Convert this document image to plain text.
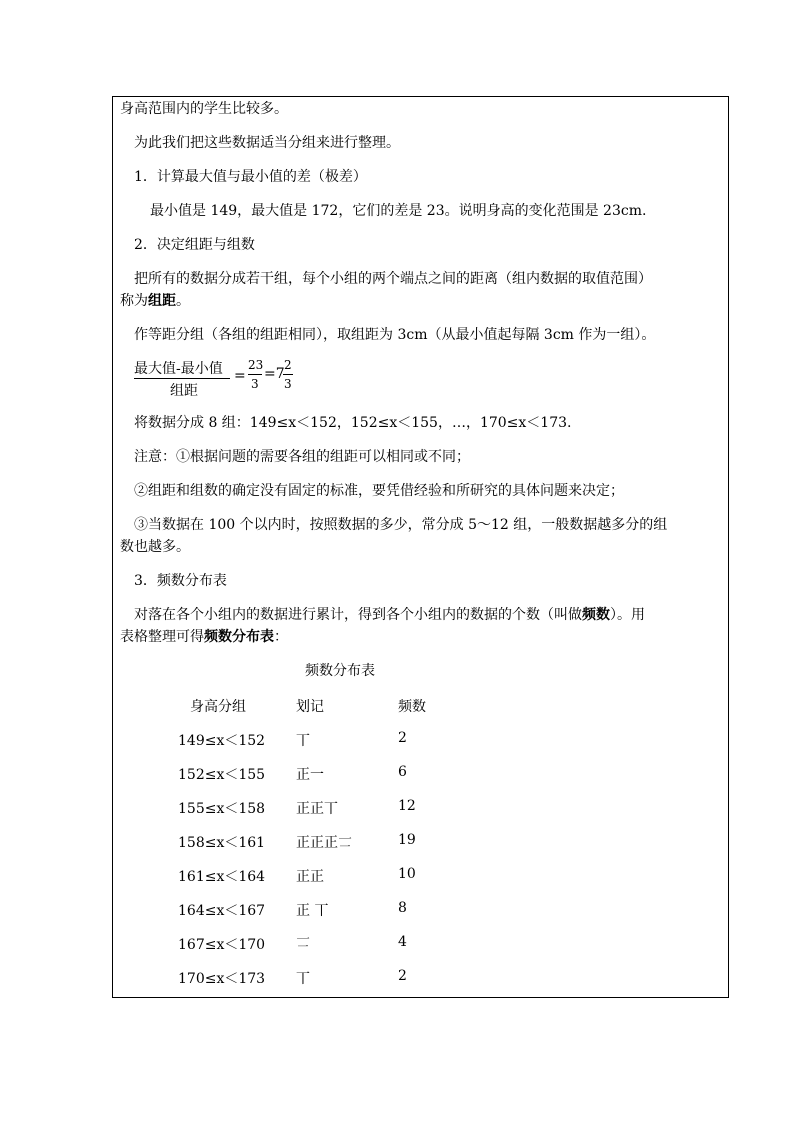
身高范围内的学生比较多。
为此我们把这些数据适当分组来进行整理。
1．计算最大值与最小值的差（极差）
最小值是 149，最大值是 172，它们的差是 23。说明身高的变化范围是 23cm.
2．决定组距与组数
把所有的数据分成若干组，每个小组的两个端点之间的距离（组内数据的取值范围）
称为组距。
作等距分组（各组的组距相同），取组距为 3cm（从最小值起每隔 3cm 作为一组）。
最大值-最小值
组距
=
23
3
=7
2
3
将数据分成 8 组：149≤x＜152，152≤x＜155，…，170≤x＜173.
注意：①根据问题的需要各组的组距可以相同或不同；
②组距和组数的确定没有固定的标准，要凭借经验和所研究的具体问题来决定；
③当数据在 100 个以内时，按照数据的多少，常分成 5～12 组，一般数据越多分的组
数也越多。
3．频数分布表
对落在各个小组内的数据进行累计，得到各个小组内的数据的个数（叫做频数）。用
表格整理可得频数分布表：
频数分布表
身高分组	划记	频数
149≤x＜152 丅	2
152≤x＜155 正一	6
155≤x＜158 正正丅	12
158≤x＜161 正正正𠄟	19
161≤x＜164 正正	10
164≤x＜167 正 丅	8
167≤x＜170 𠄟	4
170≤x＜173 丅	2
